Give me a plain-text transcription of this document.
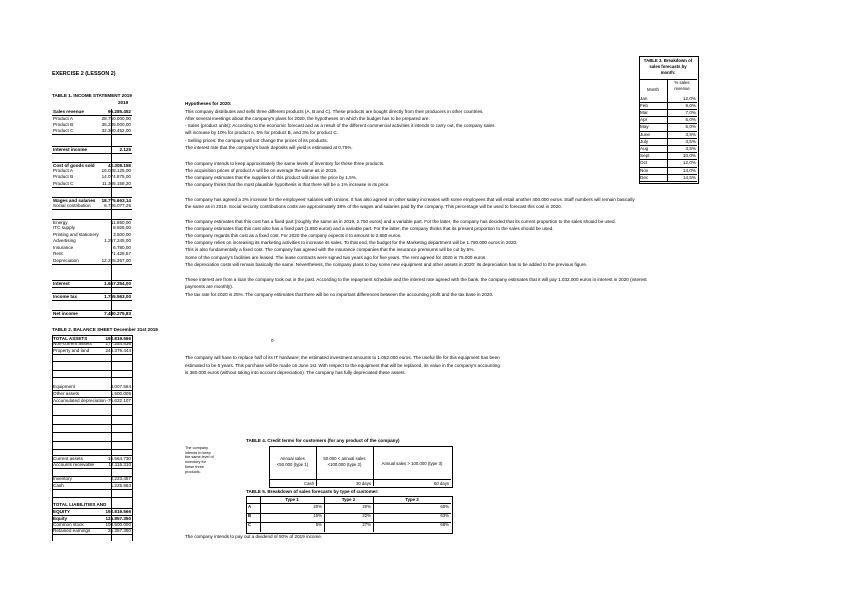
EXERCISE 2 (LESSON 2)
TABLE 1. INCOME STATEMENT 2019
2019
Sales revenue	96.285.452
Product A	28.750.000,00
Product B	35.235.000,00
Product C	32.300.452,00
Interest income	2.125
Cost of goods sold	42.308.158
Product A	16.028.125,00
Product B	14.074.875,00
Product C	11.305.158,20
Wages and salaries 18.775.663,14
Social contribution	6.726.077,26
Energy	11.850,00
ITC supply	8.925,00
Printing and stationery	3.500,00
Advertising	1.257.245,00
Insurance	6.780,00
Rent	71.428,57
Depreciation	12.225.357,00
Interest	1.657.254,00
Income tax	1.755.563,00
Net income	7.480.275,83
Hypotheses for 2020:
This company distributes and sells three different products (A, B and C). These products are bought directly from their producers in other countries.
After several meetings about the company's plans for 2020, the hypotheses on which the budget has to be prepared are:
- Sales (product units): According to the economic forecast and as a result of the different commercial activities it intends to carry out, the company sales
will increase by 10% for product A, 5% for product B, and 3% for product C.
- Selling prices: the company will not change the prices of its products.
The interest rate that the company's bank deposits will yield is estimated at 0,75%.
The company intends to keep approximately the same levels of inventory for these three products.
The acquisition prices of product A will be on average the same as in 2019.
The company estimates that the suppliers of this product will raise the price by 1,5%.
The company thinks that the most plausible hypothesis is that there will be a 1% increase in its price.
The company has agreed a 2% increase for the employees' salaries with Unions. It has also agreed on other salary increases with some employees that will entail another 400.000 euros. Staff numbers will remain basically
the same as in 2019. Social security contributions costs are approximately 38% of the wages and salaries paid by the company. This percentage will be used to forecast this cost in 2020.
The company estimates that this cost has a fixed part (roughly the same as in 2019, 2.750 euros) and a variable part. For the latter, the company has decided that its current proportion to the sales should be used.
The company estimates that this cost also has a fixed part (1.850 euros) and a variable part. For the latter, the company thinks that its present proportion to the sales should be used.
The company regards this cost as a fixed cost. For 2020 the company expects it to amount to 2.650 euros.
The company relies on increasing its marketing activities to increase its sales. To that end, the budget for the Marketing department will be 1.780.000 euros in 2020.
This is also fundamentally a fixed cost. The company has agreed with the insurance companies that the insurance premiums will be cut by 5%.
Some of the company's facilities are leased. The lease contracts were signed two years ago for five years. The rent agreed for 2020 is 75.000 euros.
The depreciation costs will remain basically the same. Nevertheless, the company plans to buy some new equipment and other assets in 2020: its depreciation has to be added to the previous figure.
These interest are from a loan the company took out in the past. According to the repayment schedule and the interest rate agreed with the bank, the company estimates that it will pay 1.032.000 euros in interest in 2020 (interest
payments are monthly).
The tax rate for 2020 is 25%. The company estimates that there will be no important differences between the accounting profit and the tax base in 2020.
0
The company will have to replace half of its IT hardware; the estimated investment amounts to 1.052.000 euros. The useful life for this equipment has been
estimated to be 5 years. This purchase will be made on June 1st. With respect to the equipment that will be replaced, its value in the company's accounting
is 380.000 euros (without taking into account depreciation). The company has fully depreciated these assets.
The company intends to pay out a dividend of 50% of 2019 income.
TABLE 2. BALANCE SHEET December 31st 2019
TOTAL ASSETS	192.819.566
Non-current assets	177.254.836
Property and land	248.379.444
Equipment	3.007.564
Other assets	1.500.005
Accumulated depreciation -75.632.107
Current assets	15.564.730
Accounts receivable	12.115.310
Inventory	2.223.457
Cash	1.225.963
TOTAL LIABILITIES AND
EQUITY	192.819.566
Equity	125.857.350
Common stock	100.500.000
Retained earnings	25.357.350
The company
intends to keep
the same level of
inventory for
these three
products.
TABLE 3. Breakdown of
sales forecasts by
month:
Month
% sales
revenue
Jan	12,0%
Feb	9,0%
Mar	7,0%
Apr	6,0%
May	5,0%
June	3,5%
July	3,5%
Aug	3,5%
Sept	10,0%
Oct	12,0%
Nov	14,0%
Dec	14,5%
TABLE 4. Credit terms for customers (for any product of the company)
Annual sales
<50.000 (type 1)
50.000 < annual sales
<100.000 (type 2)	Annual sales > 100.000 (type 3)
Cash	30 days	60 days
TABLE 5. Breakdown of sales forecasts by type of customer:
Type 1	Type 2	Type 3
A	20%	20%	60%
B	15%	22%	63%
C	5%	27%	68%
